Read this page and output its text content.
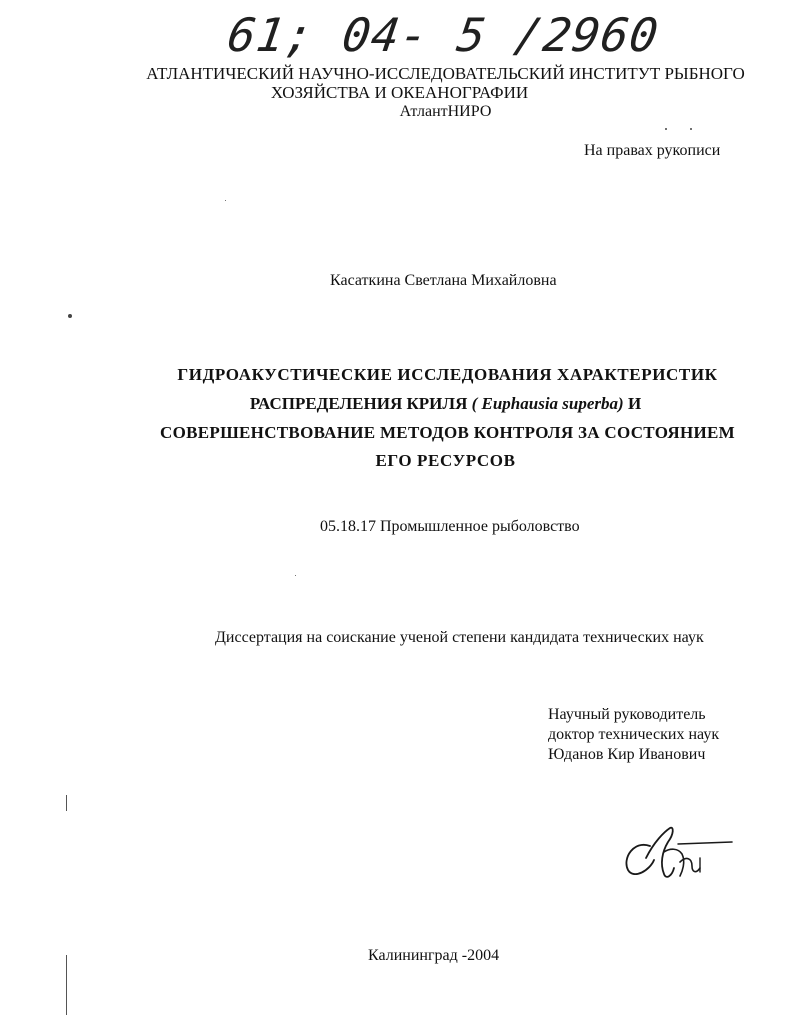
61; 04- 5 /2960
АТЛАНТИЧЕСКИЙ НАУЧНО-ИССЛЕДОВАТЕЛЬСКИЙ ИНСТИТУТ РЫБНОГО
ХОЗЯЙСТВА И ОКЕАНОГРАФИИ
АтлантНИРО
На правах рукописи
Касаткина Светлана Михайловна
ГИДРОАКУСТИЧЕСКИЕ ИССЛЕДОВАНИЯ ХАРАКТЕРИСТИК
РАСПРЕДЕЛЕНИЯ КРИЛЯ ( Euphausia superba) И
СОВЕРШЕНСТВОВАНИЕ МЕТОДОВ КОНТРОЛЯ ЗА СОСТОЯНИЕМ
ЕГО РЕСУРСОВ
05.18.17 Промышленное рыболовство
Диссертация на соискание ученой степени кандидата технических наук
Научный руководитель
доктор технических наук
Юданов Кир Иванович
Калининград -2004
